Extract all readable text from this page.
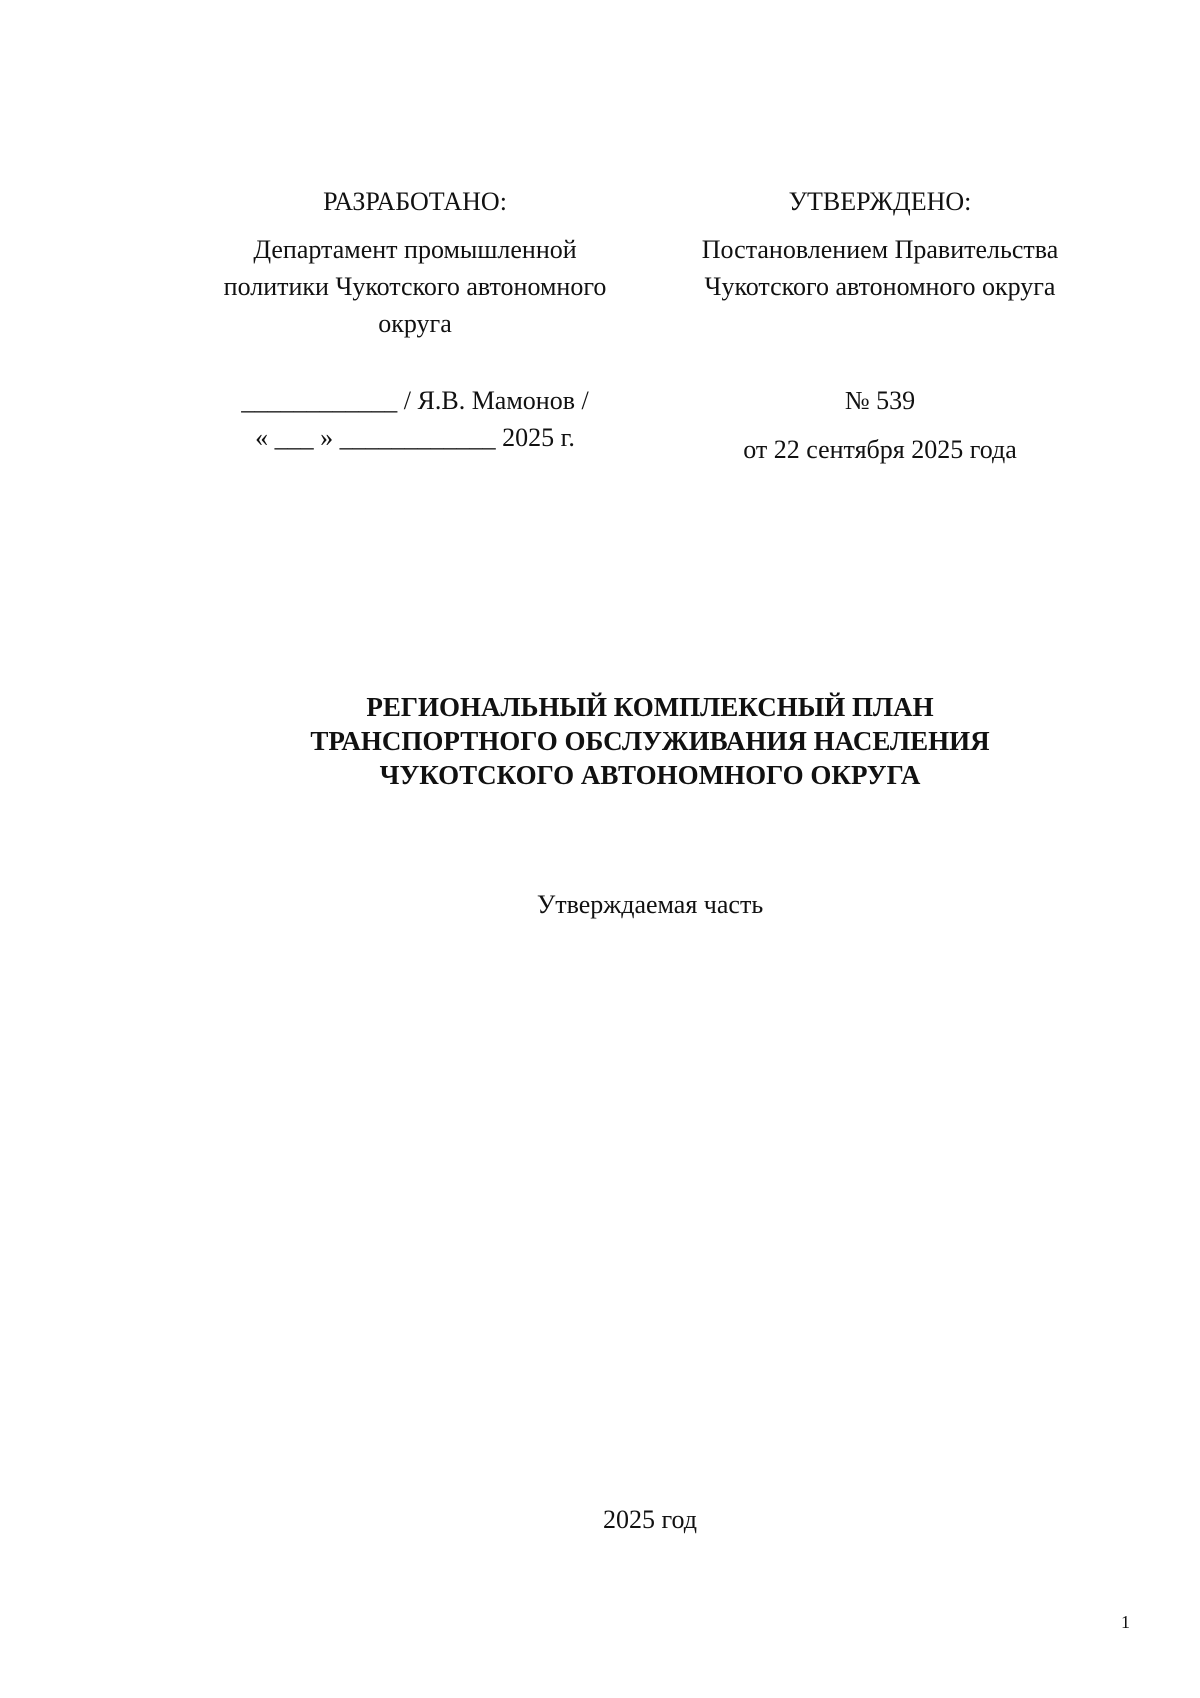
РАЗРАБОТАНО:
Департамент промышленной
политики Чукотского автономного
округа
____________ / Я.В. Мамонов /
« ___ » ____________ 2025 г.
УТВЕРЖДЕНО:
Постановлением Правительства
Чукотского автономного округа
№ 539
от 22 сентября 2025 года
РЕГИОНАЛЬНЫЙ КОМПЛЕКСНЫЙ ПЛАН
ТРАНСПОРТНОГО ОБСЛУЖИВАНИЯ НАСЕЛЕНИЯ
ЧУКОТСКОГО АВТОНОМНОГО ОКРУГА
Утверждаемая часть
2025 год
1
